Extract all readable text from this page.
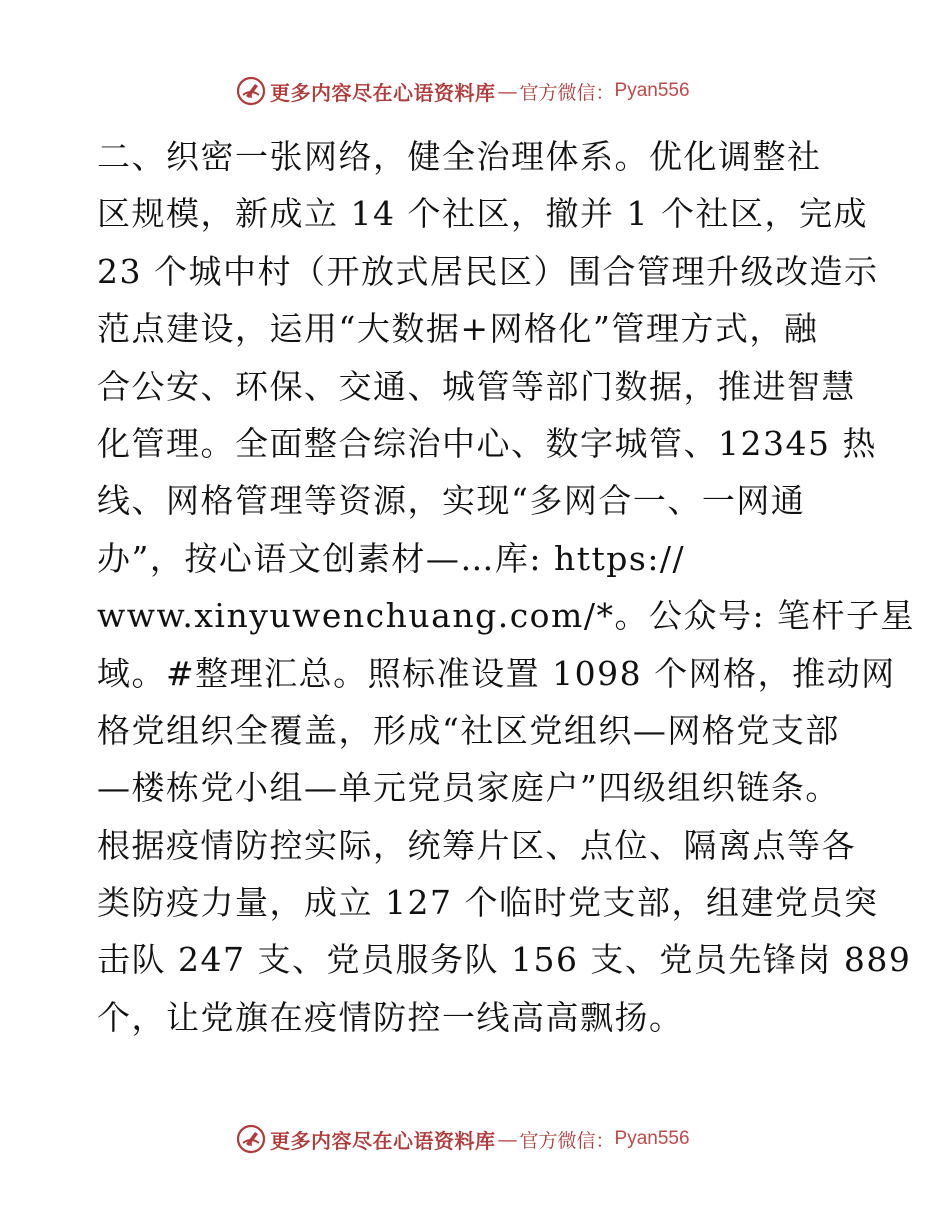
更多内容尽在心语资料库 — 官方微信： Pyan556
二、织密一张网络，健全治理体系。优化调整社
区规模，新成立 14 个社区，撤并 1 个社区，完成
23 个城中村（开放式居民区）围合管理升级改造示
范点建设，运用“大数据+网格化”管理方式，融
合公安、环保、交通、城管等部门数据，推进智慧
化管理。全面整合综治中心、数字城管、12345 热
线、网格管理等资源，实现“多网合一、一网通
办”，按心语文创素材—…库: https://
www.xinyuwenchuang.com/*。公众号: 笔杆子星
域。#整理汇总。照标准设置 1098 个网格，推动网
格党组织全覆盖，形成“社区党组织—网格党支部
—楼栋党小组—单元党员家庭户”四级组织链条。
根据疫情防控实际，统筹片区、点位、隔离点等各
类防疫力量，成立 127 个临时党支部，组建党员突
击队 247 支、党员服务队 156 支、党员先锋岗 889
个，让党旗在疫情防控一线高高飘扬。
更多内容尽在心语资料库 — 官方微信： Pyan556
